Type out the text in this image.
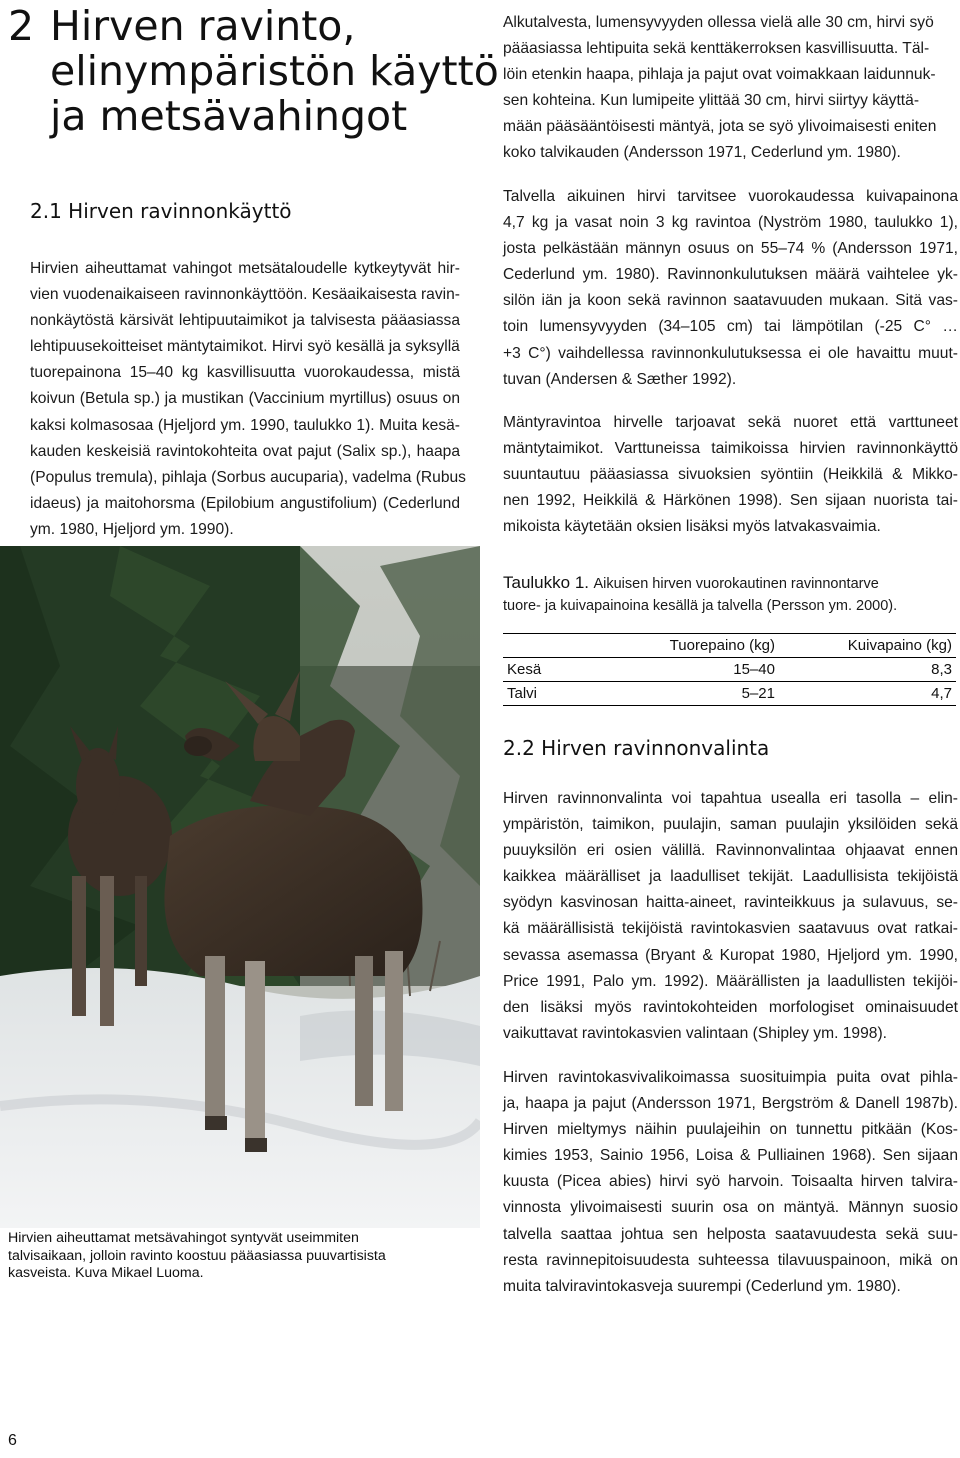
2 Hirven ravinto,
elinympäristön käyttö
ja metsävahingot
2.1 Hirven ravinnonkäyttö
Hirvien aiheuttamat vahingot metsätaloudelle kytkeytyvät hir-
vien vuodenaikaiseen ravinnonkäyttöön. Kesäaikaisesta ravin-
nonkäytöstä kärsivät lehtipuutaimikot ja talvisesta pääasiassa
lehtipuusekoitteiset mäntytaimikot. Hirvi syö kesällä ja syksyllä
tuorepainona 15–40 kg kasvillisuutta vuorokaudessa, mistä
koivun (Betula sp.) ja mustikan (Vaccinium myrtillus) osuus on
kaksi kolmasosaa (Hjeljord ym. 1990, taulukko 1). Muita kesä-
kauden keskeisiä ravintokohteita ovat pajut (Salix sp.), haapa
(Populus tremula), pihlaja (Sorbus aucuparia), vadelma (Rubus
idaeus) ja maitohorsma (Epilobium angustifolium) (Cederlund
ym. 1980, Hjeljord ym. 1990).
Alkutalvesta, lumensyvyyden ollessa vielä alle 30 cm, hirvi syö
pääasiassa lehtipuita sekä kenttäkerroksen kasvillisuutta. Täl-
löin etenkin haapa, pihlaja ja pajut ovat voimakkaan laidunnuk-
sen kohteina. Kun lumipeite ylittää 30 cm, hirvi siirtyy käyttä-
mään pääsääntöisesti mäntyä, jota se syö ylivoimaisesti eniten
koko talvikauden (Andersson 1971, Cederlund ym. 1980).
Talvella aikuinen hirvi tarvitsee vuorokaudessa kuivapainona
4,7 kg ja vasat noin 3 kg ravintoa (Nyström 1980, taulukko 1),
josta pelkästään männyn osuus on 55–74 % (Andersson 1971,
Cederlund ym. 1980). Ravinnonkulutuksen määrä vaihtelee yk-
silön iän ja koon sekä ravinnon saatavuuden mukaan. Sitä vas-
toin lumensyvyyden (34–105 cm) tai lämpötilan (-25 C° …
+3 C°) vaihdellessa ravinnonkulutuksessa ei ole havaittu muut-
tuvan (Andersen & Sæther 1992).
Mäntyravintoa hirvelle tarjoavat sekä nuoret että varttuneet
mäntytaimikot. Varttuneissa taimikoissa hirvien ravinnonkäyttö
suuntautuu pääasiassa sivuoksien syöntiin (Heikkilä & Mikko-
nen 1992, Heikkilä & Härkönen 1998). Sen sijaan nuorista tai-
mikoista käytetään oksien lisäksi myös latvakasvaimia.
Taulukko 1. Aikuisen hirven vuorokautinen ravinnontarve
tuore- ja kuivapainoina kesällä ja talvella (Persson ym. 2000).
	Tuorepaino (kg)	Kuivapaino (kg)
Kesä	15–40	8,3
Talvi	5–21	4,7
2.2 Hirven ravinnonvalinta
Hirven ravinnonvalinta voi tapahtua usealla eri tasolla – elin-
ympäristön, taimikon, puulajin, saman puulajin yksilöiden sekä
puuyksilön eri osien välillä. Ravinnonvalintaa ohjaavat ennen
kaikkea määrälliset ja laadulliset tekijät. Laadullisista tekijöistä
syödyn kasvinosan haitta-aineet, ravinteikkuus ja sulavuus, se-
kä määrällisistä tekijöistä ravintokasvien saatavuus ovat ratkai-
sevassa asemassa (Bryant & Kuropat 1980, Hjeljord ym. 1990,
Price 1991, Palo ym. 1992). Määrällisten ja laadullisten tekijöi-
den lisäksi myös ravintokohteiden morfologiset ominaisuudet
vaikuttavat ravintokasvien valintaan (Shipley ym. 1998).
Hirven ravintokasvivalikoimassa suosituimpia puita ovat pihla-
ja, haapa ja pajut (Andersson 1971, Bergström & Danell 1987b).
Hirven mieltymys näihin puulajeihin on tunnettu pitkään (Kos-
kimies 1953, Sainio 1956, Loisa & Pulliainen 1968). Sen sijaan
kuusta (Picea abies) hirvi syö harvoin. Toisaalta hirven talvira-
vinnosta ylivoimaisesti suurin osa on mäntyä. Männyn suosio
talvella saattaa johtua sen helposta saatavuudesta sekä suu-
resta ravinnepitoisuudesta suhteessa tilavuuspainoon, mikä on
muita talviravintokasveja suurempi (Cederlund ym. 1980).
Hirvien aiheuttamat metsävahingot syntyvät useimmiten
talvisaikaan, jolloin ravinto koostuu pääasiassa puuvartisista
kasveista. Kuva Mikael Luoma.
6
